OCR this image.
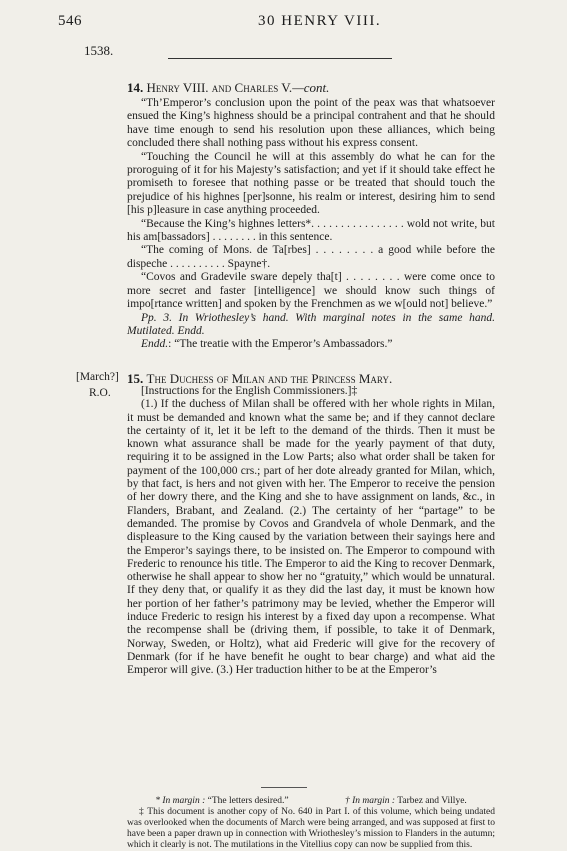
546	30 HENRY VIII.
1538.
14. Henry VIII. and Charles V.—cont.

“Th’Emperor’s conclusion upon the point of the peax was that whatsoever ensued the King’s highness should be a principal contrahent and that he should have time enough to send his resolution upon these alliances, which being concluded there shall nothing pass without his express consent.

“Touching the Council he will at this assembly do what he can for the proroguing of it for his Majesty’s satisfaction; and yet if it should take effect he promiseth to foresee that nothing passe or be treated that should touch the prejudice of his highnes [per]sonne, his realm or interest, desiring him to send [his p]leasure in case anything proceeded.

“Because the King’s highnes letters*. . . . . . . . . . . . . . . . wold not write, but his am[bassadors] . . . . . . . . in this sentence.

“The coming of Mons. de Ta[rbes] . . . . . . . . a good while before the dispeche . . . . . . . . . . Spayne†.

“Covos and Gradevile sware depely tha[t] . . . . . . . . were come once to more secret and faster [intelligence] we should know such things of impo[rtance written] and spoken by the Frenchmen as we w[ould not] believe.”

Pp. 3. In Wriothesley’s hand. With marginal notes in the same hand. Mutilated. Endd.

Endd.: “The treatie with the Emperor’s Ambassadors.”

[March?]
R.O.
15. The Duchess of Milan and the Princess Mary.

[Instructions for the English Commissioners.]‡

(1.) If the duchess of Milan shall be offered with her whole rights in Milan, it must be demanded and known what the same be; and if they cannot declare the certainty of it, let it be left to the demand of the thirds. Then it must be known what assurance shall be made for the yearly payment of that duty, requiring it to be assigned in the Low Parts; also what order shall be taken for payment of the 100,000 crs.; part of her dote already granted for Milan, which, by that fact, is hers and not given with her. The Emperor to receive the pension of her dowry there, and the King and she to have assignment on lands, &c., in Flanders, Brabant, and Zealand. (2.) The certainty of her “partage” to be demanded. The promise by Covos and Grandvela of whole Denmark, and the displeasure to the King caused by the variation between their sayings here and the Emperor’s sayings there, to be insisted on. The Emperor to compound with Frederic to renounce his title. The Emperor to aid the King to recover Denmark, otherwise he shall appear to show her no “gratuity,” which would be unnatural. If they deny that, or qualify it as they did the last day, it must be known how her portion of her father’s patrimony may be levied, whether the Emperor will induce Frederic to resign his interest by a fixed day upon a recompense. What the recompense shall be (driving them, if possible, to take it of Denmark, Norway, Sweden, or Holtz), what aid Frederic will give for the recovery of Denmark (for if he have benefit he ought to bear charge) and what aid the Emperor will give. (3.) Her traduction hither to be at the Emperor’s

* In margin : “The letters desired.”	† In margin : Tarbez and Villye.

‡ This document is another copy of No. 640 in Part I. of this volume, which being undated was overlooked when the documents of March were being arranged, and was supposed at first to have been a paper drawn up in connection with Wriothesley’s mission to Flanders in the autumn; which it clearly is not. The mutilations in the Vitellius copy can now be supplied from this.
